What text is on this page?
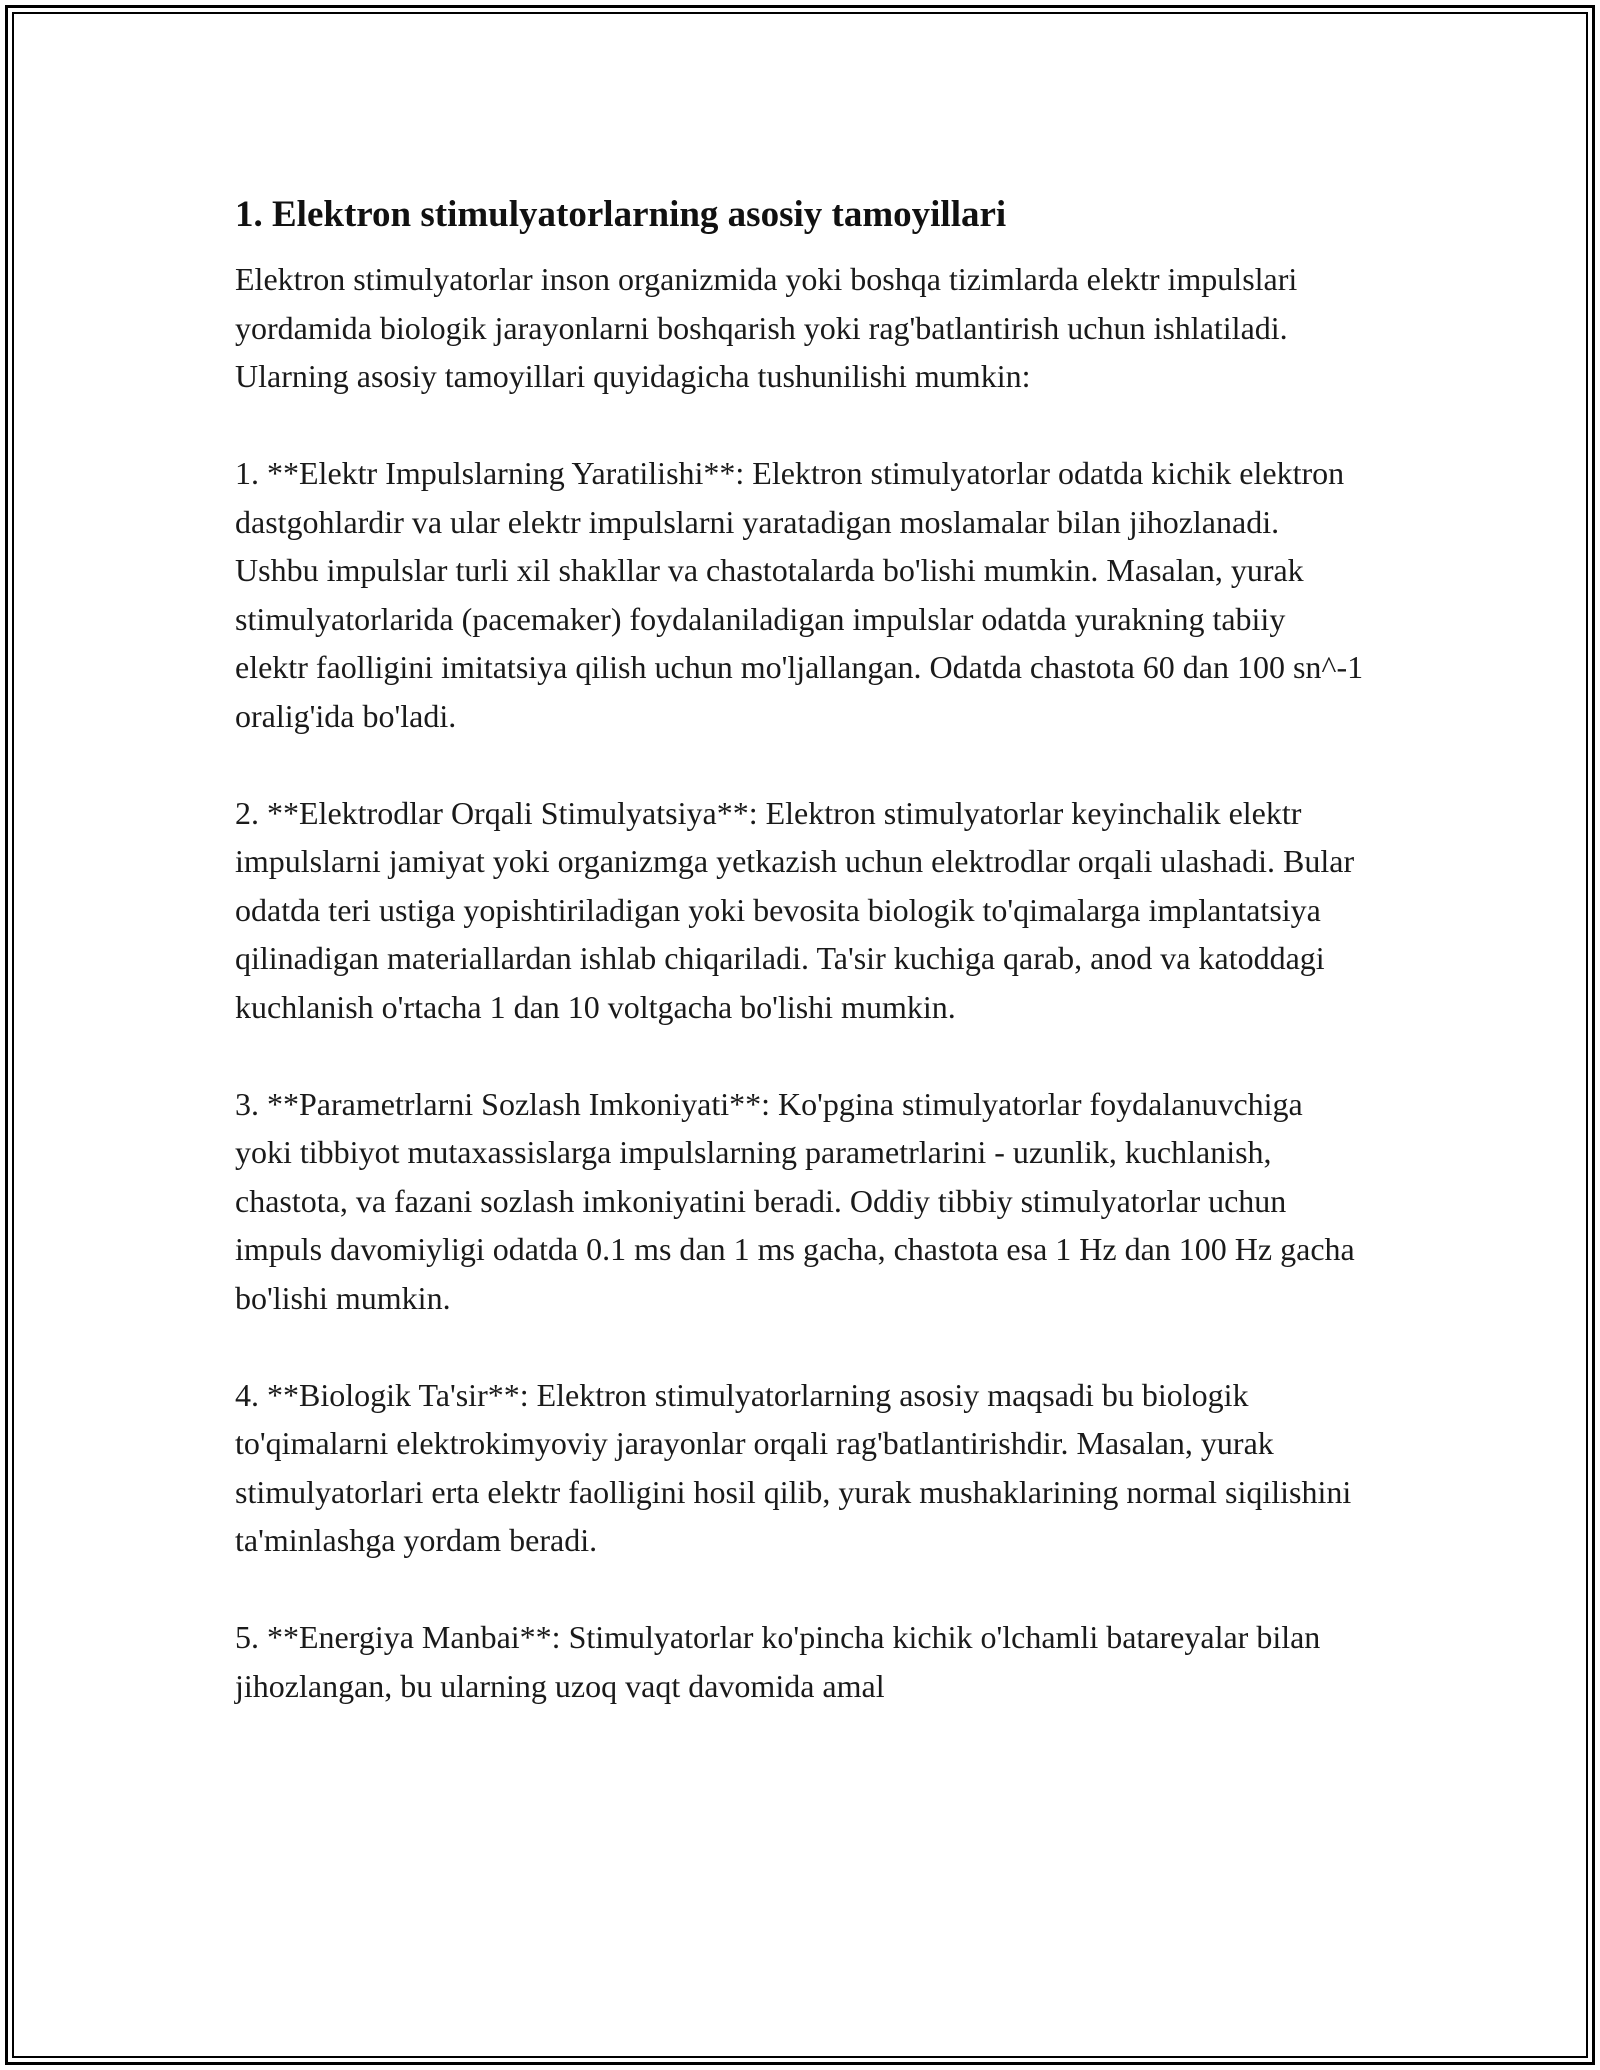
1. Elektron stimulyatorlarning asosiy tamoyillari

Elektron stimulyatorlar inson organizmida yoki boshqa tizimlarda elektr impulslari yordamida biologik jarayonlarni boshqarish yoki rag'batlantirish uchun ishlatiladi. Ularning asosiy tamoyillari quyidagicha tushunilishi mumkin:

1. **Elektr Impulslarning Yaratilishi**: Elektron stimulyatorlar odatda kichik elektron dastgohlardir va ular elektr impulslarni yaratadigan moslamalar bilan jihozlanadi. Ushbu impulslar turli xil shakllar va chastotalarda bo'lishi mumkin. Masalan, yurak stimulyatorlarida (pacemaker) foydalaniladigan impulslar odatda yurakning tabiiy elektr faolligini imitatsiya qilish uchun mo'ljallangan. Odatda chastota 60 dan 100 sn^-1 oralig'ida bo'ladi.

2. **Elektrodlar Orqali Stimulyatsiya**: Elektron stimulyatorlar keyinchalik elektr impulslarni jamiyat yoki organizmga yetkazish uchun elektrodlar orqali ulashadi. Bular odatda teri ustiga yopishtiriladigan yoki bevosita biologik to'qimalarga implantatsiya qilinadigan materiallardan ishlab chiqariladi. Ta'sir kuchiga qarab, anod va katoddagi kuchlanish o'rtacha 1 dan 10 voltgacha bo'lishi mumkin.

3. **Parametrlarni Sozlash Imkoniyati**: Ko'pgina stimulyatorlar foydalanuvchiga yoki tibbiyot mutaxassislarga impulslarning parametrlarini - uzunlik, kuchlanish, chastota, va fazani sozlash imkoniyatini beradi. Oddiy tibbiy stimulyatorlar uchun impuls davomiyligi odatda 0.1 ms dan 1 ms gacha, chastota esa 1 Hz dan 100 Hz gacha bo'lishi mumkin.

4. **Biologik Ta'sir**: Elektron stimulyatorlarning asosiy maqsadi bu biologik to'qimalarni elektrokimyoviy jarayonlar orqali rag'batlantirishdir. Masalan, yurak stimulyatorlari erta elektr faolligini hosil qilib, yurak mushaklarining normal siqilishini ta'minlashga yordam beradi.

5. **Energiya Manbai**: Stimulyatorlar ko'pincha kichik o'lchamli batareyalar bilan jihozlangan, bu ularning uzoq vaqt davomida amal
